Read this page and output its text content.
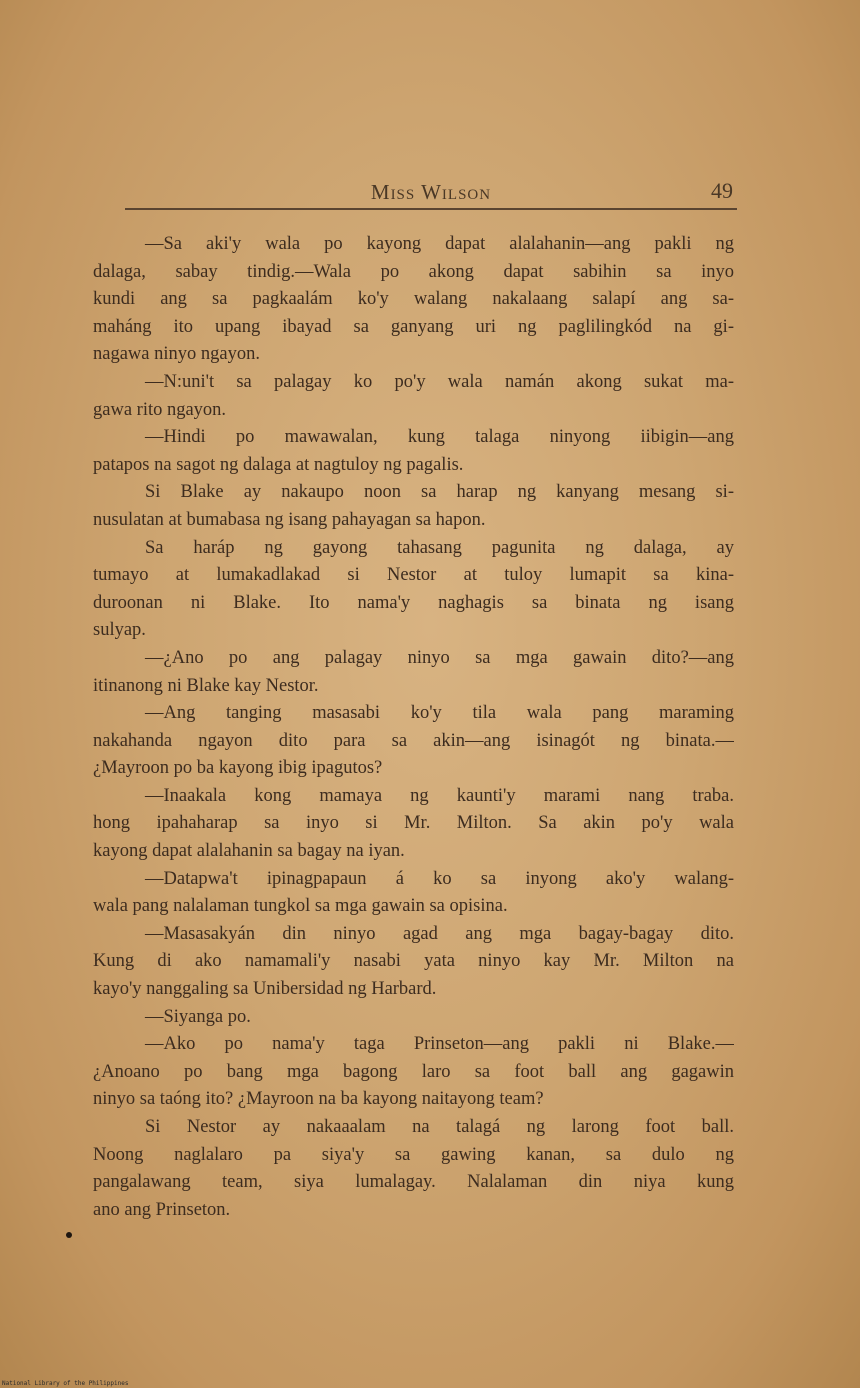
Miss Wilson	49
—Sa aki'y wala po kayong dapat alalahanin—ang pakli ng
dalaga, sabay tindig.—Wala po akong dapat sabihin sa inyo
kundi ang sa pagkaalám ko'y walang nakalaang salapí ang sa-
maháng ito upang ibayad sa ganyang uri ng paglilingkód na gi-
nagawa ninyo ngayon.
—N:uni't sa palagay ko po'y wala namán akong sukat ma-
gawa rito ngayon.
—Hindi po mawawalan, kung talaga ninyong iibigin—ang
patapos na sagot ng dalaga at nagtuloy ng pagalis.
Si Blake ay nakaupo noon sa harap ng kanyang mesang si-
nusulatan at bumabasa ng isang pahayagan sa hapon.
Sa haráp ng gayong tahasang pagunita ng dalaga, ay
tumayo at lumakadlakad si Nestor at tuloy lumapit sa kina-
duroonan ni Blake. Ito nama'y naghagis sa binata ng isang
sulyap.
—¿Ano po ang palagay ninyo sa mga gawain dito?—ang
itinanong ni Blake kay Nestor.
—Ang tanging masasabi ko'y tila wala pang maraming
nakahanda ngayon dito para sa akin—ang isinagót ng binata.—
¿Mayroon po ba kayong ibig ipagutos?
—Inaakala kong mamaya ng kaunti'y marami nang traba.
hong ipahaharap sa inyo si Mr. Milton. Sa akin po'y wala
kayong dapat alalahanin sa bagay na iyan.
—Datapwa't ipinagpapaun á ko sa inyong ako'y walang-
wala pang nalalaman tungkol sa mga gawain sa opisina.
—Masasakyán din ninyo agad ang mga bagay-bagay dito.
Kung di ako namamali'y nasabi yata ninyo kay Mr. Milton na
kayo'y nanggaling sa Unibersidad ng Harbard.
—Siyanga po.
—Ako po nama'y taga Prinseton—ang pakli ni Blake.—
¿Anoano po bang mga bagong laro sa foot ball ang gagawin
ninyo sa taóng ito? ¿Mayroon na ba kayong naitayong team?
Si Nestor ay nakaaalam na talagá ng larong foot ball.
Noong naglalaro pa siya'y sa gawing kanan, sa dulo ng
pangalawang team, siya lumalagay. Nalalaman din niya kung
ano ang Prinseton.
National Library of the Philippines
